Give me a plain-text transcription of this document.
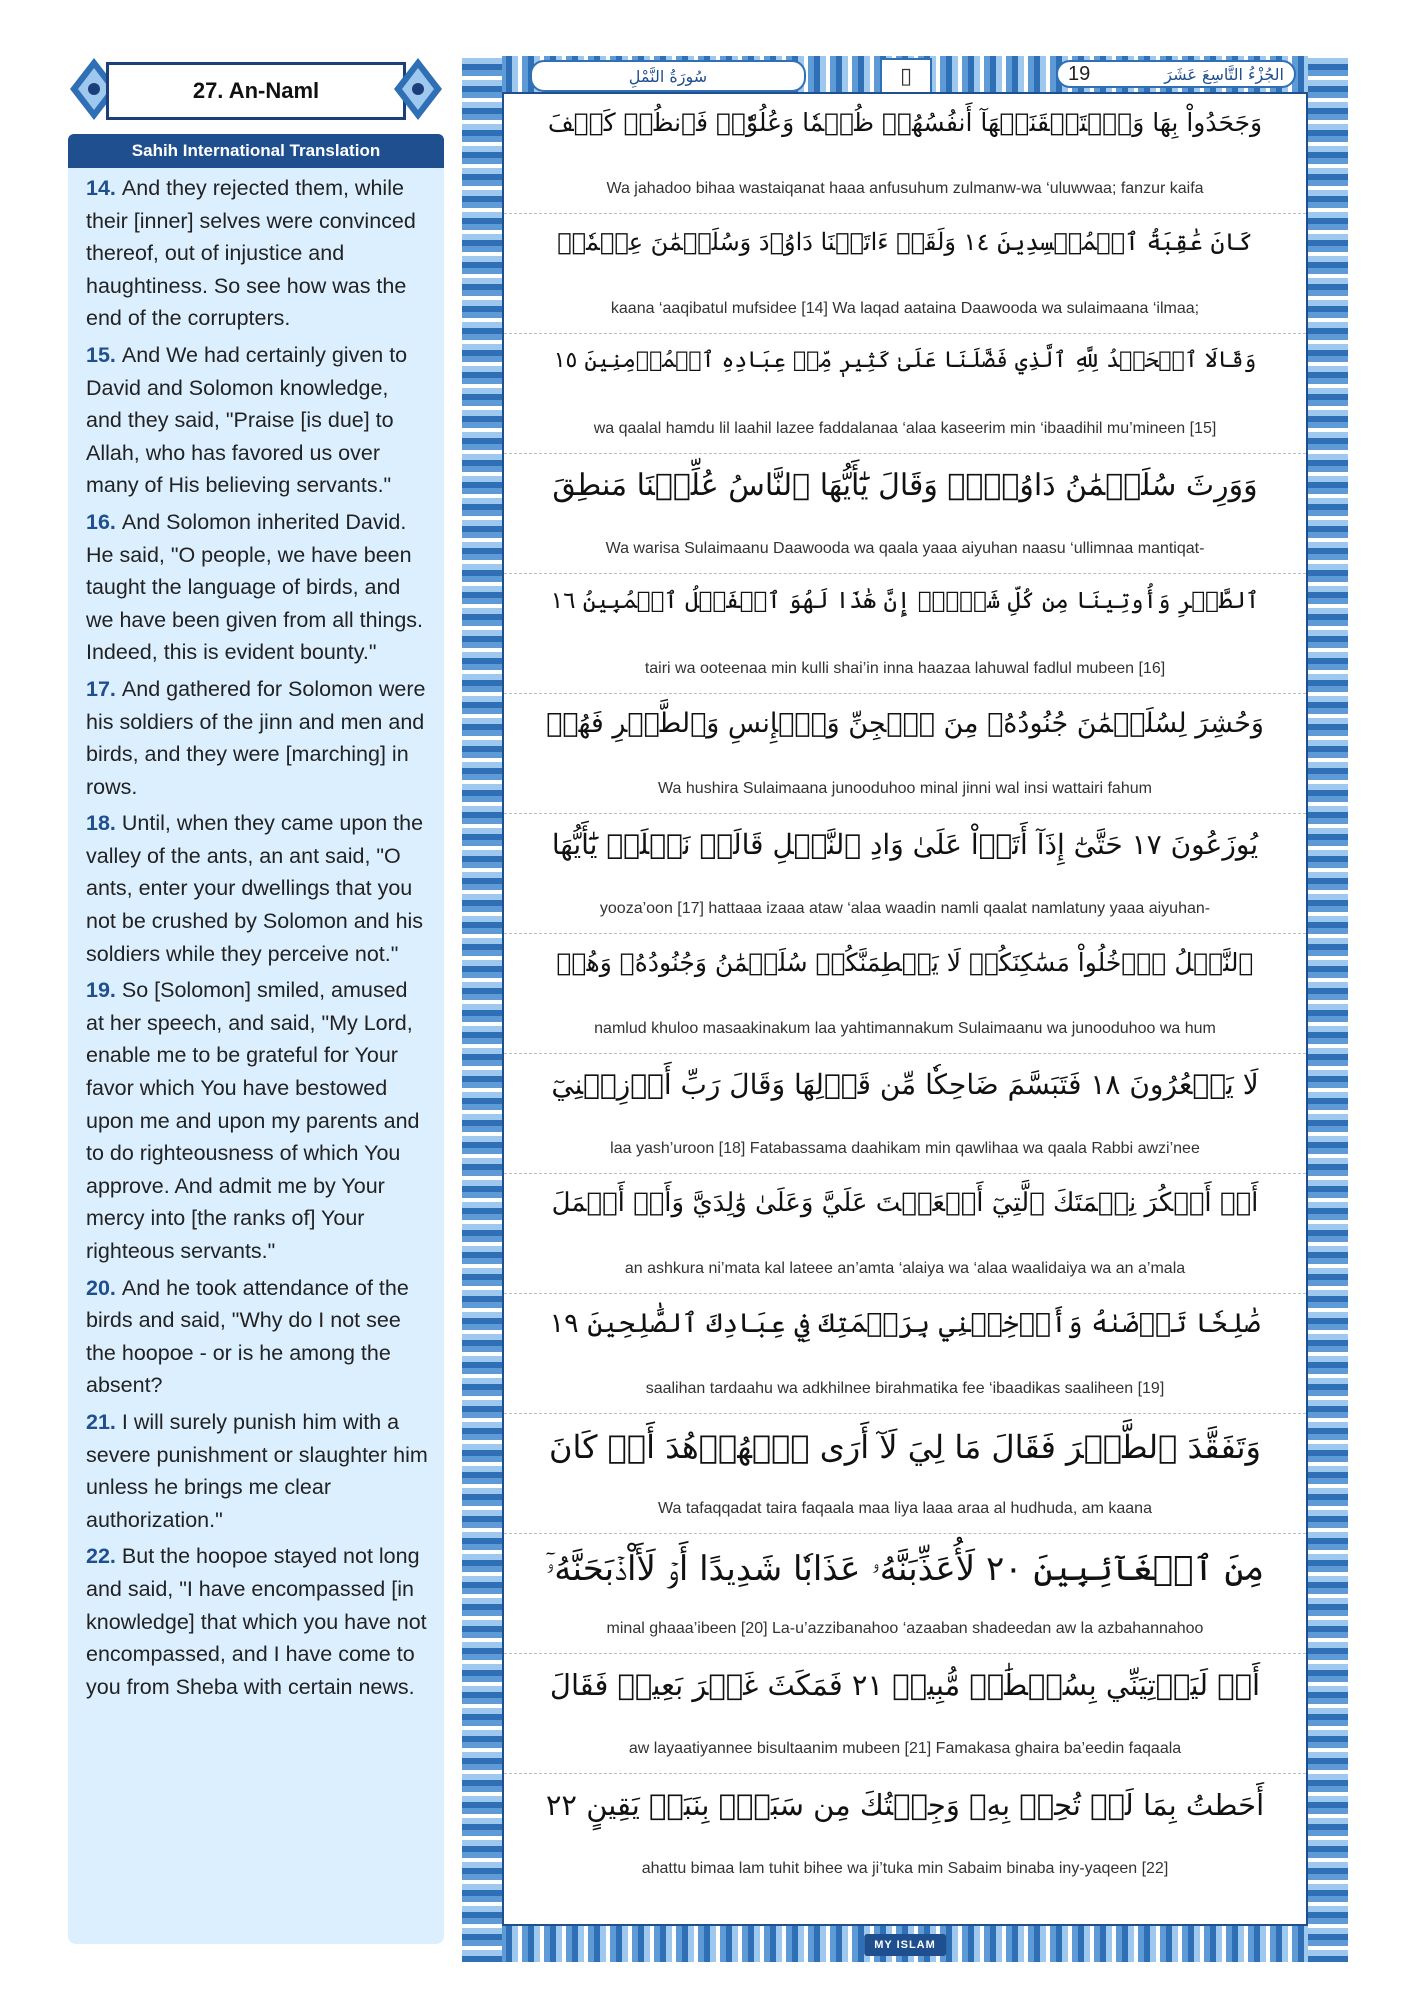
27. An-Naml
Sahih International Translation
14. And they rejected them, while their [inner] selves were convinced thereof, out of injustice and haughtiness. So see how was the end of the corrupters.
15. And We had certainly given to David and Solomon knowledge, and they said, "Praise [is due] to Allah, who has favored us over many of His believing servants."
16. And Solomon inherited David. He said, "O people, we have been taught the language of birds, and we have been given from all things. Indeed, this is evident bounty."
17. And gathered for Solomon were his soldiers of the jinn and men and birds, and they were [marching] in rows.
18. Until, when they came upon the valley of the ants, an ant said, "O ants, enter your dwellings that you not be crushed by Solomon and his soldiers while they perceive not."
19. So [Solomon] smiled, amused at her speech, and said, "My Lord, enable me to be grateful for Your favor which You have bestowed upon me and upon my parents and to do righteousness of which You approve. And admit me by Your mercy into [the ranks of] Your righteous servants."
20. And he took attendance of the birds and said, "Why do I not see the hoopoe - or is he among the absent?
21. I will surely punish him with a severe punishment or slaughter him unless he brings me clear authorization."
22. But the hoopoe stayed not long and said, "I have encompassed [in knowledge] that which you have not encompassed, and I have come to you from Sheba with certain news.
سُورَةُ النَّمْلِ	▯	19	الجُزْءُ التَّاسِعَ عَشَرَ
وَجَحَدُواْ بِهَا وَٱسۡتَيۡقَنَتۡهَآ أَنفُسُهُمۡ ظُلۡمٗا وَعُلُوّٗاۚ فَٱنظُرۡ كَيۡفَ
Wa jahadoo bihaa wastaiqanat haaa anfusuhum zulmanw-wa ‘uluwwaa; fanzur kaifa
كَانَ عَٰقِبَةُ ٱلۡمُفۡسِدِينَ ١٤ وَلَقَدۡ ءَاتَيۡنَا دَاوُۥدَ وَسُلَيۡمَٰنَ عِلۡمٗاۖ
kaana ‘aaqibatul mufsidee [14] Wa laqad aataina Daawooda wa sulaimaana ‘ilmaa;
وَقَالَا ٱلۡحَمۡدُ لِلَّهِ ٱلَّذِي فَضَّلَنَا عَلَىٰ كَثِيرٖ مِّنۡ عِبَادِهِ ٱلۡمُؤۡمِنِينَ ١٥
wa qaalal hamdu lil laahil lazee faddalanaa ‘alaa kaseerim min ‘ibaadihil mu’mineen [15]
وَوَرِثَ سُلَيۡمَٰنُ دَاوُۥدَۖ وَقَالَ يَٰٓأَيُّهَا ٱلنَّاسُ عُلِّمۡنَا مَنطِقَ
Wa warisa Sulaimaanu Daawooda wa qaala yaaa aiyuhan naasu ‘ullimnaa mantiqat-
ٱلطَّيۡرِ وَأُوتِينَا مِن كُلِّ شَيۡءٍۖ إِنَّ هَٰذَا لَهُوَ ٱلۡفَضۡلُ ٱلۡمُبِينُ ١٦
tairi wa ooteenaa min kulli shai’in inna haazaa lahuwal fadlul mubeen [16]
وَحُشِرَ لِسُلَيۡمَٰنَ جُنُودُهُۥ مِنَ ٱلۡجِنِّ وَٱلۡإِنسِ وَٱلطَّيۡرِ فَهُمۡ
Wa hushira Sulaimaana junooduhoo minal jinni wal insi wattairi fahum
يُوزَعُونَ ١٧ حَتَّىٰٓ إِذَآ أَتَوۡاْ عَلَىٰ وَادِ ٱلنَّمۡلِ قَالَتۡ نَمۡلَةٞ يَٰٓأَيُّهَا
yooza’oon [17] hattaaa izaaa ataw ‘alaa waadin namli qaalat namlatuny yaaa aiyuhan-
ٱلنَّمۡلُ ٱدۡخُلُواْ مَسَٰكِنَكُمۡ لَا يَحۡطِمَنَّكُمۡ سُلَيۡمَٰنُ وَجُنُودُهُۥ وَهُمۡ
namlud khuloo masaakinakum laa yahtimannakum Sulaimaanu wa junooduhoo wa hum
لَا يَشۡعُرُونَ ١٨ فَتَبَسَّمَ ضَاحِكٗا مِّن قَوۡلِهَا وَقَالَ رَبِّ أَوۡزِعۡنِيٓ
laa yash’uroon [18] Fatabassama daahikam min qawlihaa wa qaala Rabbi awzi’nee
أَنۡ أَشۡكُرَ نِعۡمَتَكَ ٱلَّتِيٓ أَنۡعَمۡتَ عَلَيَّ وَعَلَىٰ وَٰلِدَيَّ وَأَنۡ أَعۡمَلَ
an ashkura ni’mata kal lateee an’amta ‘alaiya wa ‘alaa waalidaiya wa an a’mala
صَٰلِحٗا تَرۡضَىٰهُ وَأَدۡخِلۡنِي بِرَحۡمَتِكَ فِي عِبَادِكَ ٱلصَّٰلِحِينَ ١٩
saalihan tardaahu wa adkhilnee birahmatika fee ‘ibaadikas saaliheen [19]
وَتَفَقَّدَ ٱلطَّيۡرَ فَقَالَ مَا لِيَ لَآ أَرَى ٱلۡهُدۡهُدَ أَمۡ كَانَ
Wa tafaqqadat taira faqaala maa liya laaa araa al hudhuda, am kaana
مِنَ ٱلۡغَآئِبِينَ ٢٠ لَأُعَذِّبَنَّهُۥ عَذَابٗا شَدِيدًا أَوۡ لَأَاْذۡبَحَنَّهُۥٓ
minal ghaaa’ibeen [20] La-u’azzibanahoo ‘azaaban shadeedan aw la azbahannahoo
أَوۡ لَيَأۡتِيَنِّي بِسُلۡطَٰنٖ مُّبِينٖ ٢١ فَمَكَثَ غَيۡرَ بَعِيدٖ فَقَالَ
aw layaatiyannee bisultaanim mubeen [21] Famakasa ghaira ba’eedin faqaala
أَحَطتُ بِمَا لَمۡ تُحِطۡ بِهِۦ وَجِئۡتُكَ مِن سَبَإِۭ بِنَبَإٖ يَقِينٍ ٢٢
ahattu bimaa lam tuhit bihee wa ji’tuka min Sabaim binaba iny-yaqeen [22]
MY ISLAM
